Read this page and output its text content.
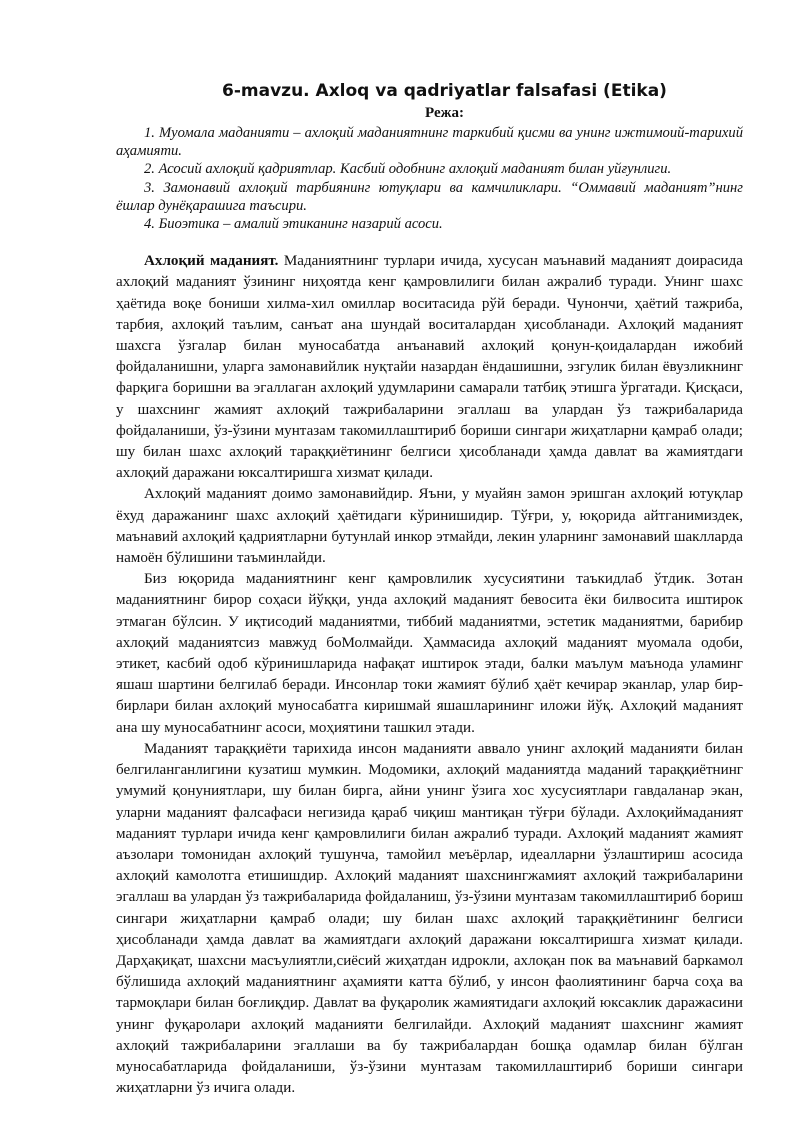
6-mavzu. Axloq va qadriyatlar falsafasi (Etika)
Режа:

1. Муомала маданияти – ахлоқий маданиятнинг таркибий қисми ва унинг ижтимоий-тарихий аҳамияти.

2. Асосий ахлоқий қадриятлар. Касбий одобнинг ахлоқий маданият билан уйғунлиги.

3. Замонавий ахлоқий тарбиянинг ютуқлари ва камчиликлари. “Оммавий маданият”нинг ёшлар дунёқарашига таъсири.

4. Биоэтика – амалий этиканинг назарий асоси.

Ахлоқий маданият. Маданиятнинг турлари ичида, хусусан маънавий маданият доирасида ахлоқий маданият ўзининг ниҳоятда кенг қамровлилиги билан ажралиб туради. Унинг шахс ҳаётида воқе бониши хилма-хил омиллар воситасида рўй беради. Чунончи, ҳаётий тажриба, тарбия, ахлоқий таълим, санъат ана шундай воситалардан ҳисобланади. Ахлоқий маданият шахсга ўзгалар билан муносабатда анъанавий ахлоқий қонун-қоидалардан ижобий фойдаланишни, уларга замонавийлик нуқтайи назардан ёндашишни, эзгулик билан ёвузликнинг фарқига боришни ва эгаллаган ахлоқий удумларини самарали татбиқ этишга ўргатади. Қисқаси, у шахснинг жамият ахлоқий тажрибаларини эгаллаш ва улардан ўз тажрибаларида фойдаланиши, ўз-ўзини мунтазам такомиллаштириб бориши сингари жиҳатларни қамраб олади; шу билан шахс ахлоқий тараққиётининг белгиси ҳисобланади ҳамда давлат ва жамиятдаги ахлоқий даражани юксалтиришга хизмат қилади.

Ахлоқий маданият доимо замонавийдир. Яъни, у муайян замон эришган ахлоқий ютуқлар ёхуд даражанинг шахс ахлоқий ҳаётидаги кўринишидир. Тўғри, у, юқорида айтганимиздек, маънавий ахлоқий қадриятларни бутунлай инкор этмайди, лекин уларнинг замонавий шаклларда намоён бўлишини таъминлайди.

Биз юқорида маданиятнинг кенг қамровлилик хусусиятини таъкидлаб ўтдик. Зотан маданиятнинг бирор соҳаси йўққи, унда ахлоқий маданият бевосита ёки билвосита иштирок этмаган бўлсин. У иқтисодий маданиятми, тиббий маданиятми, эстетик маданиятми, барибир ахлоқий маданиятсиз мавжуд боМолмайди. Ҳаммасида ахлоқий маданият муомала одоби, этикет, касбий одоб кўринишларида нафақат иштирок этади, балки маълум маънода уламинг яшаш шартини белгилаб беради. Инсонлар токи жамият бўлиб ҳаёт кечирар эканлар, улар бир-бирлари билан ахлоқий муносабатга киришмай яшашларининг иложи йўқ. Ахлоқий маданият ана шу муносабатнинг асоси, моҳиятини ташкил этади.

Маданият тараққиёти тарихида инсон маданияти аввало унинг ахлоқий маданияти билан белгиланганлигини кузатиш мумкин. Модомики, ахлоқий маданиятда маданий тараққиётнинг умумий қонуниятлари, шу билан бирга, айни унинг ўзига хос хусусиятлари гавдаланар экан, уларни маданият фалсафаси негизида қараб чиқиш мантиқан тўғри бўлади. Ахлоқиймаданият маданият турлари ичида кенг қамровлилиги билан ажралиб туради. Ахлоқий маданият жамият аъзолари томонидан ахлоқий тушунча, тамойил меъёрлар, идеалларни ўзлаштириш асосида ахлоқий камолотга етишишдир. Ахлоқий маданият шахснингжамият ахлоқий тажрибаларини эгаллаш ва улардан ўз тажрибаларида фойдаланиш, ўз-ўзини мунтазам такомиллаштириб бориш сингари жиҳатларни қамраб олади; шу билан шахс ахлоқий тараққиётининг белгиси ҳисобланади ҳамда давлат ва жамиятдаги ахлоқий даражани юксалтиришга хизмат қилади. Дарҳақиқат, шахсни масъулиятли,сиёсий жиҳатдан идрокли, ахлоқан пок ва маънавий баркамол бўлишида ахлоқий маданиятнинг аҳамияти катта бўлиб, у инсон фаолиятининг барча соҳа ва тармоқлари билан боғлиқдир. Давлат ва фуқаролик жамиятидаги ахлоқий юксаклик даражасини унинг фуқаролари ахлоқий маданияти белгилайди. Ахлоқий маданият шахснинг жамият ахлоқий тажрибаларини эгаллаши ва бу тажрибалардан бошқа одамлар билан бўлган муносабатларида фойдаланиши, ўз-ўзини мунтазам такомиллаштириб бориши сингари жиҳатларни ўз ичига олади.
